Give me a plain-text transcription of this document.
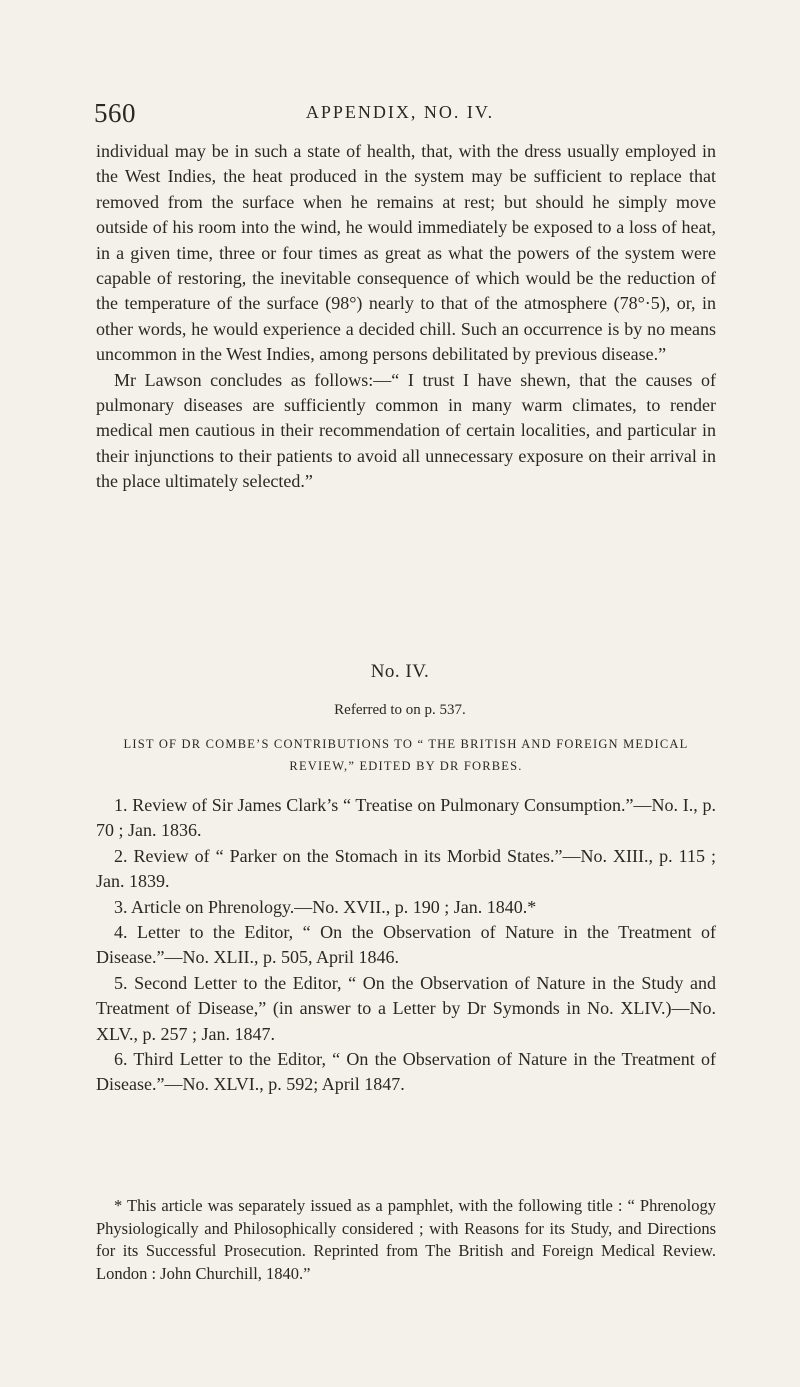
560	APPENDIX, NO. IV.

individual may be in such a state of health, that, with the dress usually employed in the West Indies, the heat produced in the system may be sufficient to replace that removed from the surface when he remains at rest; but should he simply move outside of his room into the wind, he would immediately be exposed to a loss of heat, in a given time, three or four times as great as what the powers of the system were capable of restoring, the inevitable consequence of which would be the reduction of the temperature of the surface (98°) nearly to that of the atmosphere (78°·5), or, in other words, he would experience a decided chill. Such an occurrence is by no means uncommon in the West Indies, among persons debilitated by previous disease.”

Mr Lawson concludes as follows:—“ I trust I have shewn, that the causes of pulmonary diseases are sufficiently common in many warm climates, to render medical men cautious in their recommendation of certain localities, and particular in their injunctions to their patients to avoid all unnecessary exposure on their arrival in the place ultimately selected.”

No. IV.
Referred to on p. 537.
LIST OF DR COMBE’S CONTRIBUTIONS TO “ THE BRITISH AND FOREIGN MEDICAL REVIEW,” EDITED BY DR FORBES.

1. Review of Sir James Clark’s “ Treatise on Pulmonary Consumption.”—No. I., p. 70 ; Jan. 1836.

2. Review of “ Parker on the Stomach in its Morbid States.”—No. XIII., p. 115 ; Jan. 1839.

3. Article on Phrenology.—No. XVII., p. 190 ; Jan. 1840.*

4. Letter to the Editor, “ On the Observation of Nature in the Treatment of Disease.”—No. XLII., p. 505, April 1846.

5. Second Letter to the Editor, “ On the Observation of Nature in the Study and Treatment of Disease,” (in answer to a Letter by Dr Symonds in No. XLIV.)—No. XLV., p. 257 ; Jan. 1847.

6. Third Letter to the Editor, “ On the Observation of Nature in the Treatment of Disease.”—No. XLVI., p. 592; April 1847.

* This article was separately issued as a pamphlet, with the following title : “ Phrenology Physiologically and Philosophically considered ; with Reasons for its Study, and Directions for its Successful Prosecution. Reprinted from The British and Foreign Medical Review. London : John Churchill, 1840.”
